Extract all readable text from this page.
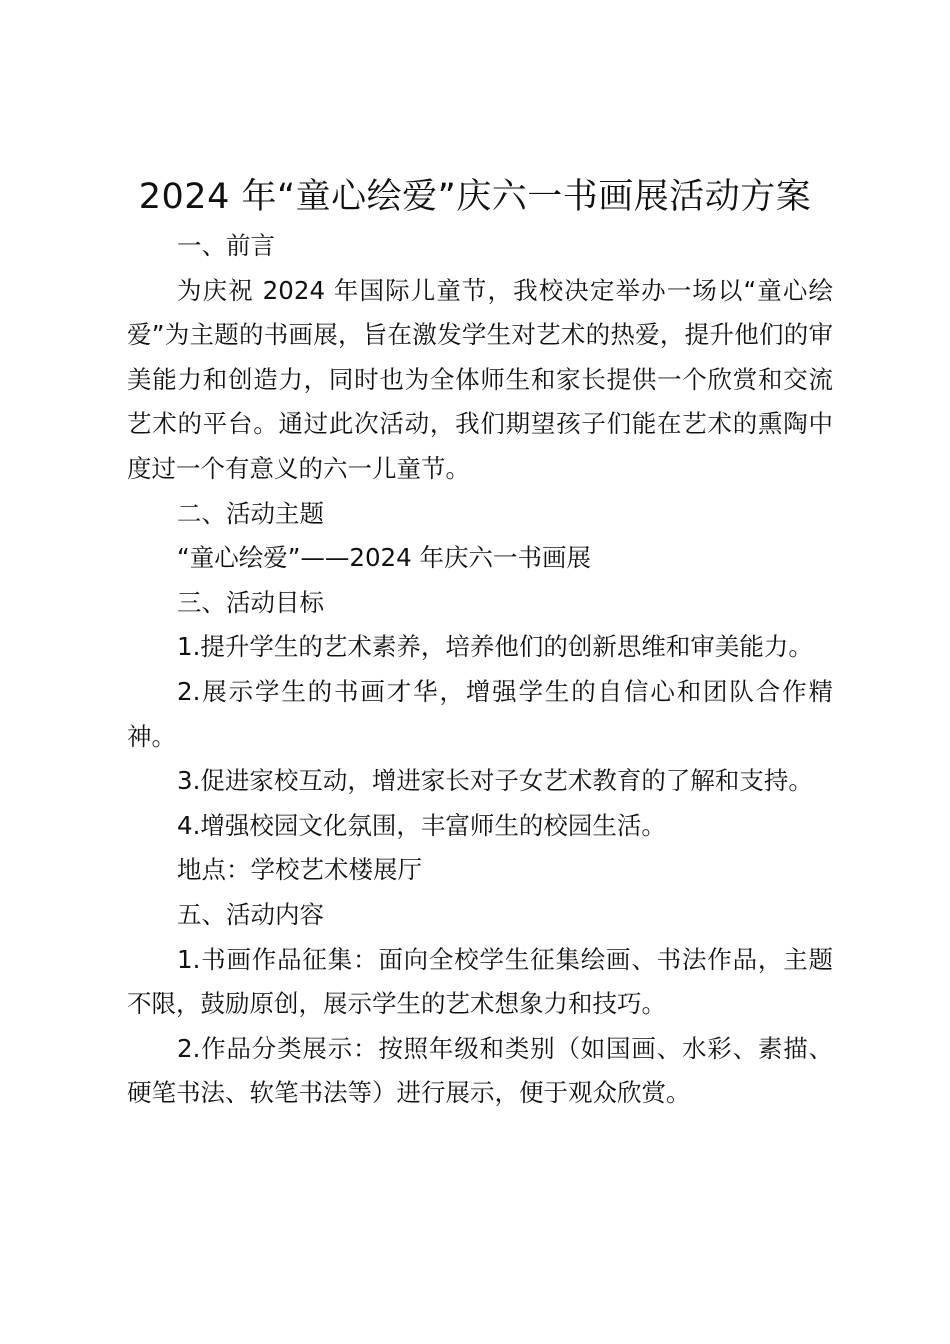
2024 年“童心绘爱”庆六一书画展活动方案

一、前言

为庆祝 2024 年国际儿童节，我校决定举办一场以“童心绘爱”为主题的书画展，旨在激发学生对艺术的热爱，提升他们的审美能力和创造力，同时也为全体师生和家长提供一个欣赏和交流艺术的平台。通过此次活动，我们期望孩子们能在艺术的熏陶中度过一个有意义的六一儿童节。

二、活动主题

“童心绘爱”——2024 年庆六一书画展

三、活动目标

1.提升学生的艺术素养，培养他们的创新思维和审美能力。

2.展示学生的书画才华，增强学生的自信心和团队合作精神。

3.促进家校互动，增进家长对子女艺术教育的了解和支持。

4.增强校园文化氛围，丰富师生的校园生活。

地点：学校艺术楼展厅

五、活动内容

1.书画作品征集：面向全校学生征集绘画、书法作品，主题不限，鼓励原创，展示学生的艺术想象力和技巧。

2.作品分类展示：按照年级和类别（如国画、水彩、素描、硬笔书法、软笔书法等）进行展示，便于观众欣赏。
